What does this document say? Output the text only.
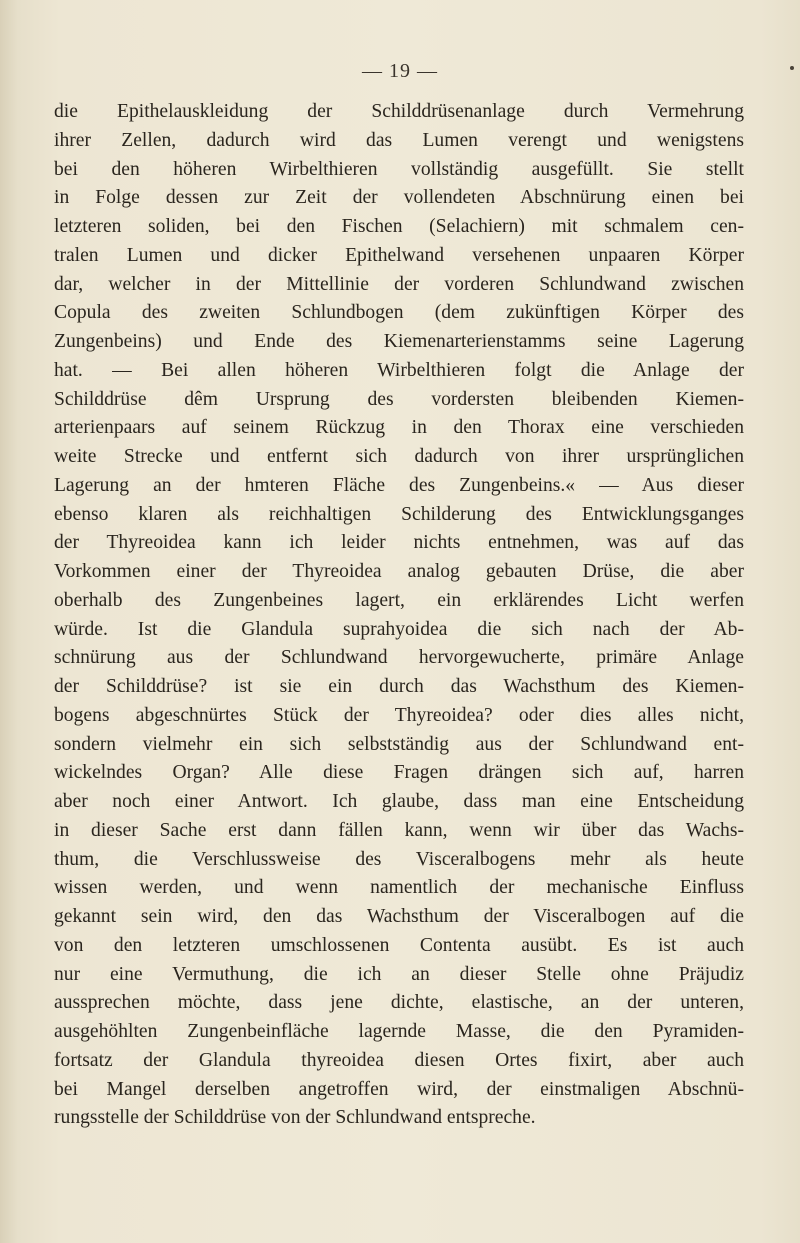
— 19 —
die Epithelauskleidung der Schilddrüsenanlage durch Vermehrung
ihrer Zellen, dadurch wird das Lumen verengt und wenigstens
bei den höheren Wirbelthieren vollständig ausgefüllt. Sie stellt
in Folge dessen zur Zeit der vollendeten Abschnürung einen bei
letzteren soliden, bei den Fischen (Selachiern) mit schmalem cen-
tralen Lumen und dicker Epithelwand versehenen unpaaren Körper
dar, welcher in der Mittellinie der vorderen Schlundwand zwischen
Copula des zweiten Schlundbogen (dem zukünftigen Körper des
Zungenbeins) und Ende des Kiemenarterienstamms seine Lagerung
hat. — Bei allen höheren Wirbelthieren folgt die Anlage der
Schilddrüse dêm Ursprung des vordersten bleibenden Kiemen-
arterienpaars auf seinem Rückzug in den Thorax eine verschieden
weite Strecke und entfernt sich dadurch von ihrer ursprünglichen
Lagerung an der hmteren Fläche des Zungenbeins.« — Aus dieser
ebenso klaren als reichhaltigen Schilderung des Entwicklungsganges
der Thyreoidea kann ich leider nichts entnehmen, was auf das
Vorkommen einer der Thyreoidea analog gebauten Drüse, die aber
oberhalb des Zungenbeines lagert, ein erklärendes Licht werfen
würde. Ist die Glandula suprahyoidea die sich nach der Ab-
schnürung aus der Schlundwand hervorgewucherte, primäre Anlage
der Schilddrüse? ist sie ein durch das Wachsthum des Kiemen-
bogens abgeschnürtes Stück der Thyreoidea? oder dies alles nicht,
sondern vielmehr ein sich selbstständig aus der Schlundwand ent-
wickelndes Organ? Alle diese Fragen drängen sich auf, harren
aber noch einer Antwort. Ich glaube, dass man eine Entscheidung
in dieser Sache erst dann fällen kann, wenn wir über das Wachs-
thum, die Verschlussweise des Visceralbogens mehr als heute
wissen werden, und wenn namentlich der mechanische Einfluss
gekannt sein wird, den das Wachsthum der Visceralbogen auf die
von den letzteren umschlossenen Contenta ausübt. Es ist auch
nur eine Vermuthung, die ich an dieser Stelle ohne Präjudiz
aussprechen möchte, dass jene dichte, elastische, an der unteren,
ausgehöhlten Zungenbeinfläche lagernde Masse, die den Pyramiden-
fortsatz der Glandula thyreoidea diesen Ortes fixirt, aber auch
bei Mangel derselben angetroffen wird, der einstmaligen Abschnü-
rungsstelle der Schilddrüse von der Schlundwand entspreche.
